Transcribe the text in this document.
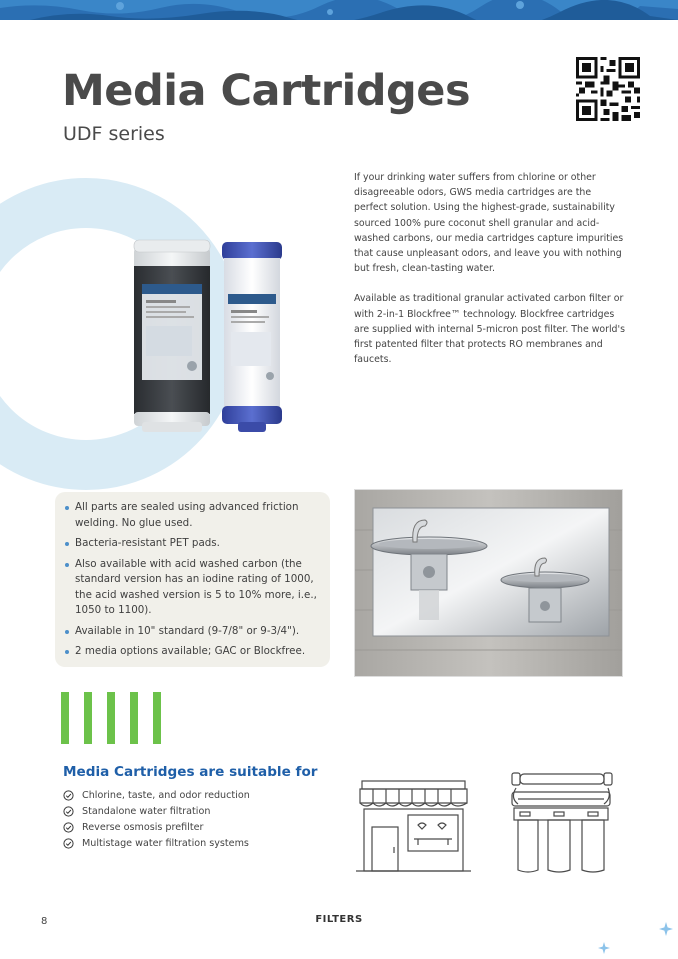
Media Cartridges
UDF series

If your drinking water suffers from chlorine or other disagreeable odors, GWS media cartridges are the perfect solution. Using the highest-grade, sustainability sourced 100% pure coconut shell granular and acid-washed carbons, our media cartridges capture impurities that cause unpleasant odors, and leave you with nothing but fresh, clean-tasting water.

Available as traditional granular activated carbon filter or with 2-in-1 Blockfree™ technology. Blockfree cartridges are supplied with internal 5-micron post filter. The world's first patented filter that protects RO membranes and faucets.

All parts are sealed using advanced friction welding. No glue used.
Bacteria-resistant PET pads.
Also available with acid washed carbon (the standard version has an iodine rating of 1000, the acid washed version is 5 to 10% more, i.e., 1050 to 1100).
Available in 10" standard (9-7/8" or 9-3/4").
2 media options available; GAC or Blockfree.
Media Cartridges are suitable for
Chlorine, taste, and odor reduction
Standalone water filtration
Reverse osmosis prefilter
Multistage water filtration systems
8	FILTERS
